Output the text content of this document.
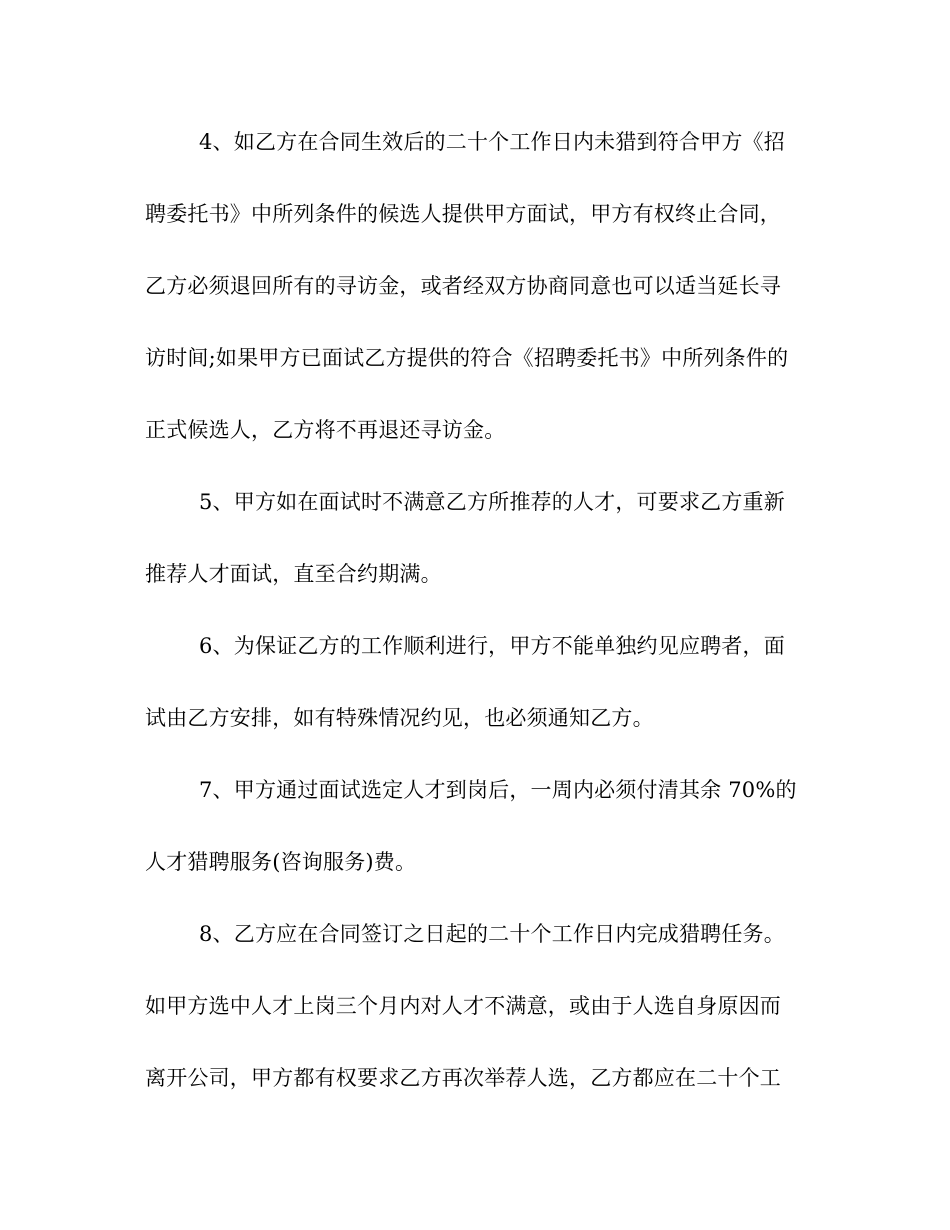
4、如乙方在合同生效后的二十个工作日内未猎到符合甲方《招
聘委托书》中所列条件的候选人提供甲方面试，甲方有权终止合同，
乙方必须退回所有的寻访金，或者经双方协商同意也可以适当延长寻
访时间;如果甲方已面试乙方提供的符合《招聘委托书》中所列条件的
正式候选人，乙方将不再退还寻访金。
5、甲方如在面试时不满意乙方所推荐的人才，可要求乙方重新
推荐人才面试，直至合约期满。
6、为保证乙方的工作顺利进行，甲方不能单独约见应聘者，面
试由乙方安排，如有特殊情况约见，也必须通知乙方。
7、甲方通过面试选定人才到岗后，一周内必须付清其余 70%的
人才猎聘服务(咨询服务)费。
8、乙方应在合同签订之日起的二十个工作日内完成猎聘任务。
如甲方选中人才上岗三个月内对人才不满意，或由于人选自身原因而
离开公司，甲方都有权要求乙方再次举荐人选，乙方都应在二十个工
